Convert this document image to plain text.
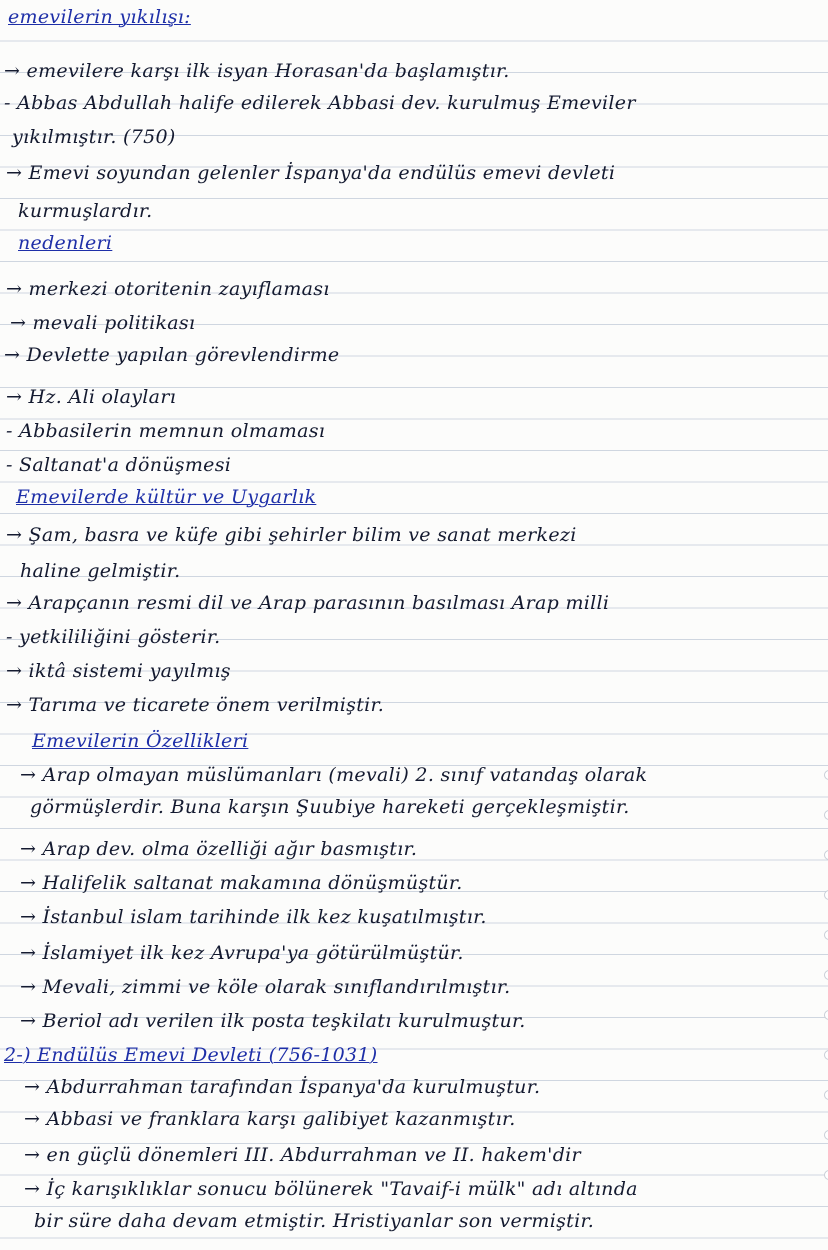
emevilerin yıkılışı:
→ emevilere karşı ilk isyan Horasan'da başlamıştır.
- Abbas Abdullah halife edilerek Abbasi dev. kurulmuş Emeviler
yıkılmıştır. (750)
→ Emevi soyundan gelenler İspanya'da endülüs emevi devleti
kurmuşlardır.
nedenleri
→ merkezi otoritenin zayıflaması
→ mevali politikası
→ Devlette yapılan görevlendirme
→ Hz. Ali olayları
- Abbasilerin memnun olmaması
- Saltanat'a dönüşmesi
Emevilerde kültür ve Uygarlık
→ Şam, basra ve küfe gibi şehirler bilim ve sanat merkezi
haline gelmiştir.
→ Arapçanın resmi dil ve Arap parasının basılması Arap milli
- yetkililiğini gösterir.
→ iktâ sistemi yayılmış
→ Tarıma ve ticarete önem verilmiştir.
Emevilerin Özellikleri
→ Arap olmayan müslümanları (mevali) 2. sınıf vatandaş olarak
görmüşlerdir. Buna karşın Şuubiye hareketi gerçekleşmiştir.
→ Arap dev. olma özelliği ağır basmıştır.
→ Halifelik saltanat makamına dönüşmüştür.
→ İstanbul islam tarihinde ilk kez kuşatılmıştır.
→ İslamiyet ilk kez Avrupa'ya götürülmüştür.
→ Mevali, zimmi ve köle olarak sınıflandırılmıştır.
→ Beriol adı verilen ilk posta teşkilatı kurulmuştur.
2-) Endülüs Emevi Devleti (756-1031)
→ Abdurrahman tarafından İspanya'da kurulmuştur.
→ Abbasi ve franklara karşı galibiyet kazanmıştır.
→ en güçlü dönemleri III. Abdurrahman ve II. hakem'dir
→ İç karışıklıklar sonucu bölünerek "Tavaif-i mülk" adı altında
bir süre daha devam etmiştir. Hristiyanlar son vermiştir.
